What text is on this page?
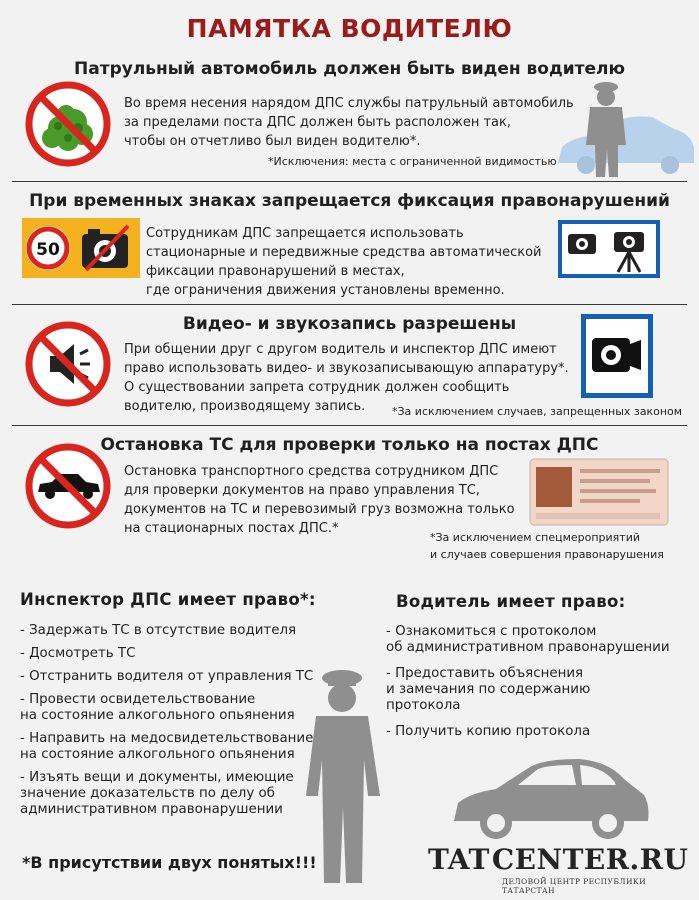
ПАМЯТКА ВОДИТЕЛЮ
Патрульный автомобиль должен быть виден водителю
Во время несения нарядом ДПС службы патрульный автомобиль
за пределами поста ДПС должен быть расположен так,
чтобы он отчетливо был виден водителю*.
*Исключения: места с ограниченной видимостью
При временных знаках запрещается фиксация правонарушений
50
Сотрудникам ДПС запрещается использовать
стационарные и передвижные средства автоматической
фиксации правонарушений в местах,
где ограничения движения установлены временно.
Видео- и звукозапись разрешены
При общении друг с другом водитель и инспектор ДПС имеют
право использовать видео- и звукозаписывающую аппаратуру*.
О существовании запрета сотрудник должен сообщить
водителю, производящему запись.	*За исключением случаев, запрещенных законом
Остановка ТС для проверки только на постах ДПС
Остановка транспортного средства сотрудником ДПС
для проверки документов на право управления ТС,
документов на ТС и перевозимый груз возможна только
на стационарных постах ДПС.*
*За исключением спецмероприятий
и случаев совершения правонарушения
Инспектор ДПС имеет право*:	Водитель имеет право:
- Задержать ТС в отсутствие водителя
- Досмотреть ТС
- Отстранить водителя от управления ТС
- Провести освидетельствование
на состояние алкогольного опьянения
- Направить на медосвидетельствование
на состояние алкогольного опьянения
- Изъять вещи и документы, имеющие
значение доказательств по делу об
административном правонарушении
- Ознакомиться с протоколом
об административном правонарушении
- Предоставить объяснения
и замечания по содержанию
протокола
- Получить копию протокола
*В присутствии двух понятых!!!	TAT CENTER.RU
ДЕЛОВОЙ ЦЕНТР РЕСПУБЛИКИ ТАТАРСТАН
